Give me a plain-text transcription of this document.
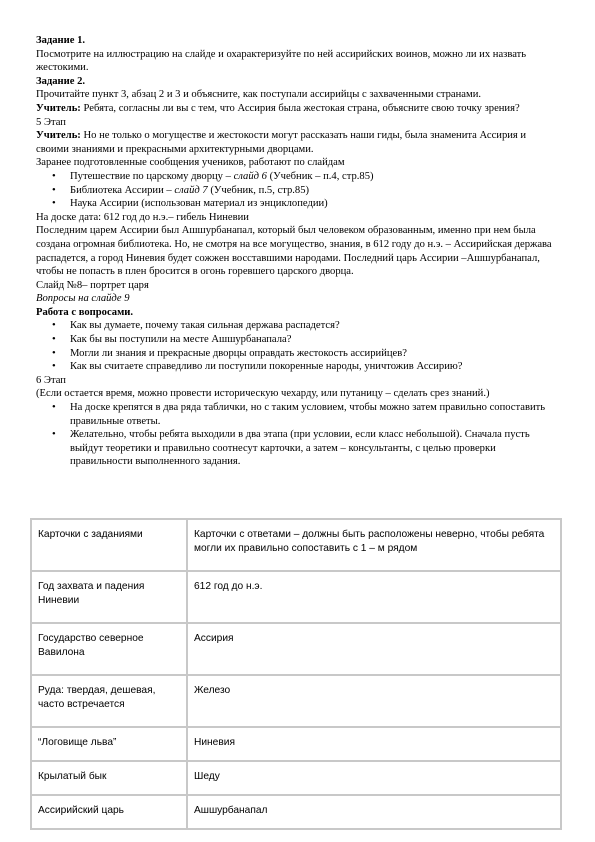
Задание 1.

Посмотрите на иллюстрацию на слайде и охарактеризуйте по ней ассирийских воинов, можно ли их назвать жестокими.

Задание 2.

Прочитайте пункт 3, абзац 2 и 3 и объясните, как поступали ассирийцы с захваченными странами.

Учитель: Ребята, согласны ли вы с тем, что Ассирия была жестокая страна, объясните свою точку зрения?

5 Этап

Учитель: Но не только о могуществе и жестокости могут рассказать наши гиды, была знаменита Ассирия и своими знаниями и прекрасными архитектурными дворцами.

Заранее подготовленные сообщения учеников, работают по слайдам

• Путешествие по царскому дворцу – слайд 6 (Учебник – п.4, стр.85)
• Библиотека Ассирии – слайд 7 (Учебник, п.5, стр.85)
• Наука Ассирии (использован материал из энциклопедии)

На доске дата: 612 год до н.э.– гибель Ниневии

Последним царем Ассирии был Ашшурбанапал, который был человеком образованным, именно при нем была создана огромная библиотека. Но, не смотря на все могущество, знания, в 612 году до н.э. – Ассирийская держава распадется, а город Ниневия будет сожжен восставшими народами. Последний царь Ассирии –Ашшурбанапал, чтобы не попасть в плен бросится в огонь горевшего царского дворца.

Слайд №8– портрет царя

Вопросы на слайде 9

Работа с вопросами.

• Как вы думаете, почему такая сильная держава распадется?
• Как бы вы поступили на месте Ашшурбанапала?
• Могли ли знания и прекрасные дворцы оправдать жестокость ассирийцев?
• Как вы считаете справедливо ли поступили покоренные народы, уничтожив Ассирию?

6 Этап

(Если остается время, можно провести историческую чехарду, или путаницу – сделать срез знаний.)

• На доске крепятся в два ряда таблички, но с таким условием, чтобы можно затем правильно сопоставить правильные ответы.
• Желательно, чтобы ребята выходили в два этапа (при условии, если класс небольшой). Сначала пусть выйдут теоретики и правильно соотнесут карточки, а затем – консультанты, с целью проверки правильности выполненного задания.
Карточки с заданиями	Карточки с ответами – должны быть расположены неверно, чтобы ребята могли их правильно сопоставить с 1 – м рядом
Год захвата и падения Ниневии	612 год до н.э.
Государство северное Вавилона	Ассирия
Руда: твердая, дешевая, часто встречается	Железо
“Логовище льва”	Ниневия
Крылатый бык	Шеду
Ассирийский царь	Ашшурбанапал
